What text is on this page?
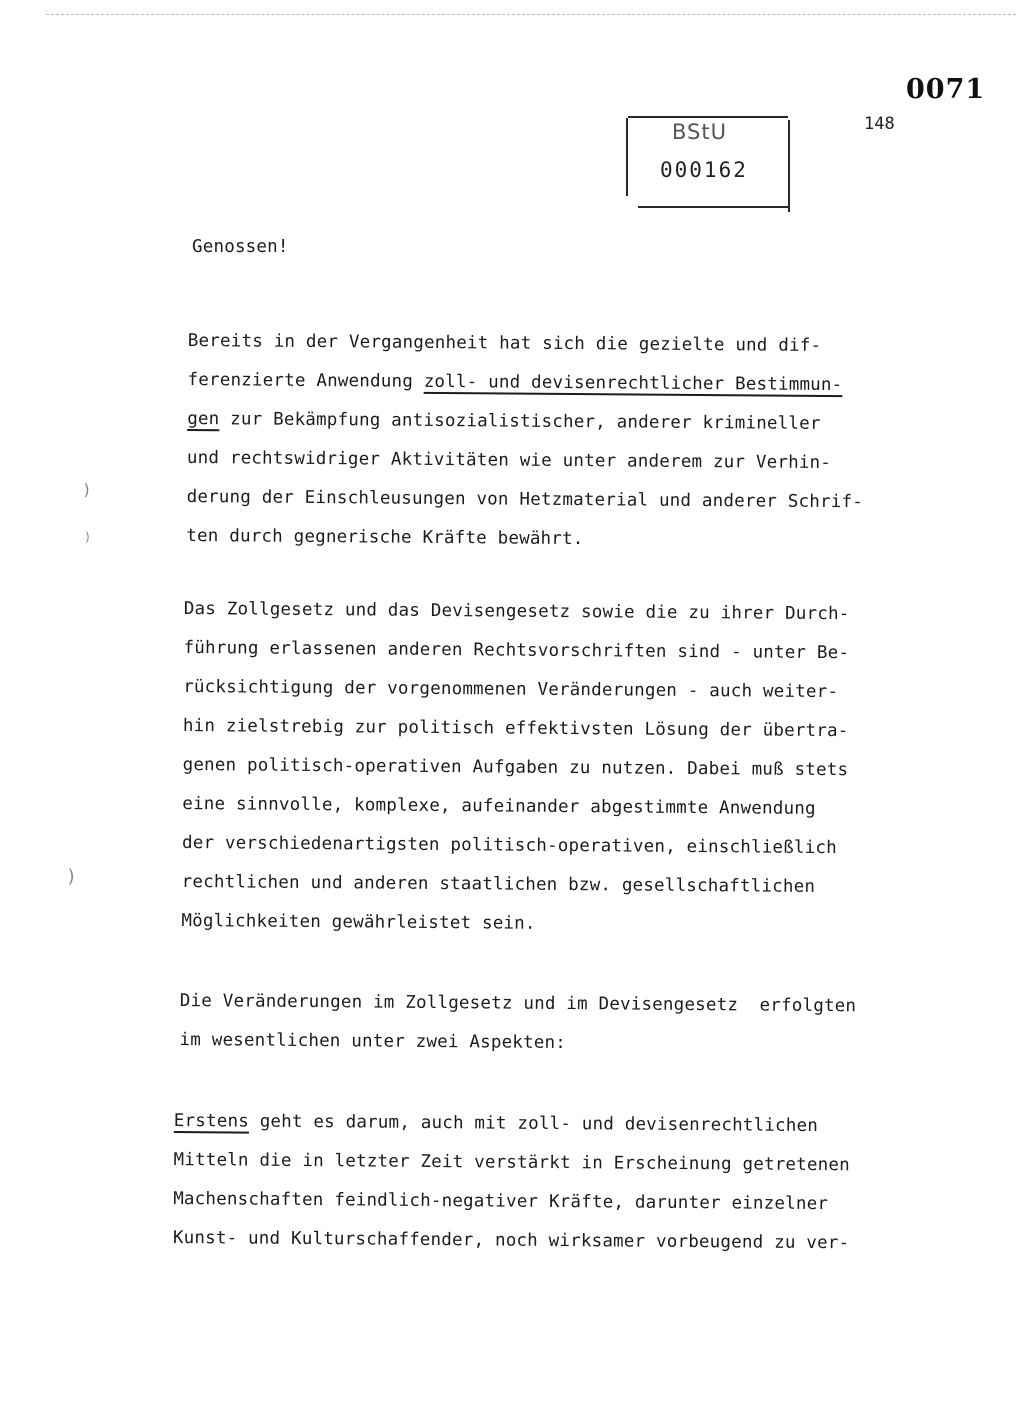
0071
148
BStU
000162
Genossen!
Bereits in der Vergangenheit hat sich die gezielte und dif-
ferenzierte Anwendung zoll- und devisenrechtlicher Bestimmun-
gen zur Bekämpfung antisozialistischer, anderer krimineller
und rechtswidriger Aktivitäten wie unter anderem zur Verhin-
derung der Einschleusungen von Hetzmaterial und anderer Schrif-
ten durch gegnerische Kräfte bewährt.
Das Zollgesetz und das Devisengesetz sowie die zu ihrer Durch-
führung erlassenen anderen Rechtsvorschriften sind - unter Be-
rücksichtigung der vorgenommenen Veränderungen - auch weiter-
hin zielstrebig zur politisch effektivsten Lösung der übertra-
genen politisch-operativen Aufgaben zu nutzen. Dabei muß stets
eine sinnvolle, komplexe, aufeinander abgestimmte Anwendung
der verschiedenartigsten politisch-operativen, einschließlich
rechtlichen und anderen staatlichen bzw. gesellschaftlichen
Möglichkeiten gewährleistet sein.
Die Veränderungen im Zollgesetz und im Devisengesetz  erfolgten
im wesentlichen unter zwei Aspekten:
Erstens geht es darum, auch mit zoll- und devisenrechtlichen
Mitteln die in letzter Zeit verstärkt in Erscheinung getretenen
Machenschaften feindlich-negativer Kräfte, darunter einzelner
Kunst- und Kulturschaffender, noch wirksamer vorbeugend zu ver-
)
)
)
